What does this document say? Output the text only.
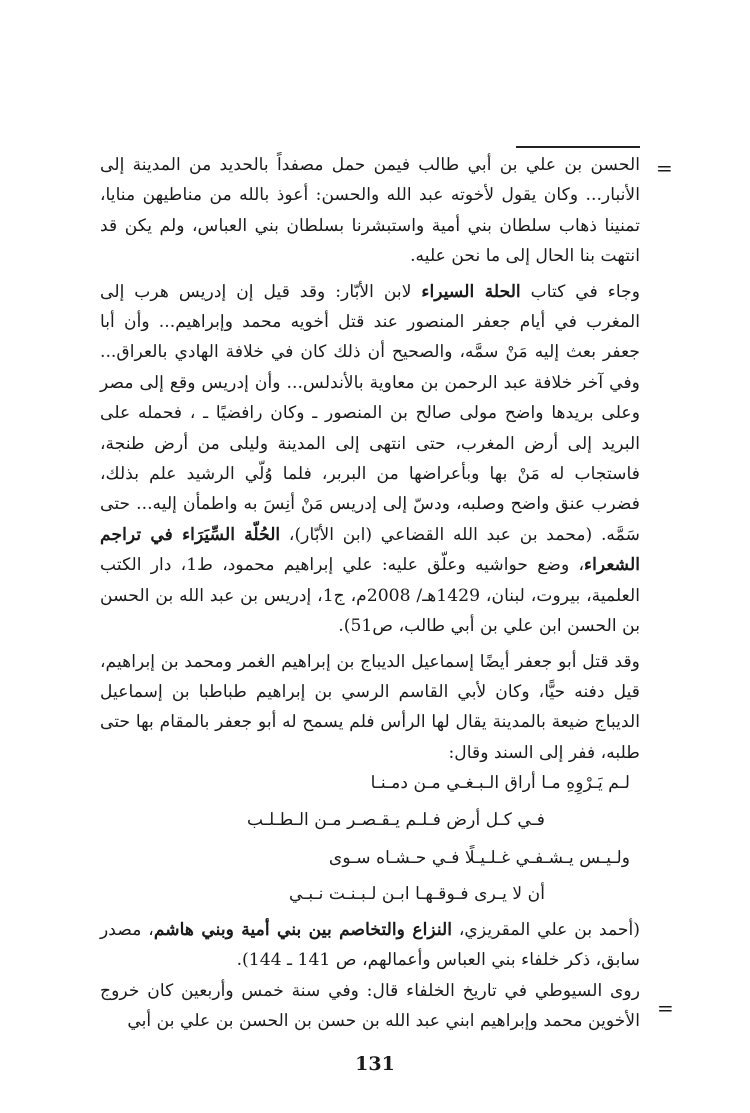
=

الحسن بن علي بن أبي طالب فيمن حمل مصفداً بالحديد من المدينة إلى الأنبار... وكان يقول لأخوته عبد الله والحسن: أعوذ بالله من مناطيهن منايا، تمنينا ذهاب سلطان بني أمية واستبشرنا بسلطان بني العباس، ولم يكن قد انتهت بنا الحال إلى ما نحن عليه.

وجاء في كتاب الحلة السيراء لابن الأبّار: وقد قيل إن إدريس هرب إلى المغرب في أيام جعفر المنصور عند قتل أخويه محمد وإبراهيم... وأن أبا جعفر بعث إليه مَنْ سمَّه، والصحيح أن ذلك كان في خلافة الهادي بالعراق... وفي آخر خلافة عبد الرحمن بن معاوية بالأندلس... وأن إدريس وقع إلى مصر وعلى بريدها واضح مولى صالح بن المنصور ـ وكان رافضيًا ـ ، فحمله على البريد إلى أرض المغرب، حتى انتهى إلى المدينة وليلى من أرض طنجة، فاستجاب له مَنْ بها وبأعراضها من البربر، فلما وُلّي الرشيد علم بذلك، فضرب عنق واضح وصلبه، ودسّ إلى إدريس مَنْ أنِسَ به واطمأن إليه... حتى سَمَّه. (محمد بن عبد الله القضاعي (ابن الأبّار)، الحُلّة السِّيَرَاء في تراجم الشعراء، وضع حواشيه وعلّق عليه: علي إبراهيم محمود، ط1، دار الكتب العلمية، بيروت، لبنان، 1429هـ/ 2008م، ج1، إدريس بن عبد الله بن الحسن بن الحسن ابن علي بن أبي طالب، ص51).

وقد قتل أبو جعفر أيضًا إسماعيل الديباج بن إبراهيم الغمر ومحمد بن إبراهيم، قيل دفنه حيًّا، وكان لأبي القاسم الرسي بن إبراهيم طباطبا بن إسماعيل الديباج ضيعة بالمدينة يقال لها الرأس فلم يسمح له أبو جعفر بالمقام بها حتى طلبه، ففر إلى السند وقال:

لـم يَـرْوِهِ مـا أراق الـبـغـي مـن دمـنـا
فـي كـل أرض فـلـم يـقـصـر مـن الـطـلـب
ولـيـس يـشـفـي غـلـيـلًا فـي حـشـاه سـوى
أن لا يـرى فـوقـهـا ابـن لـبـنـت نـبـي

(أحمد بن علي المقريزي، النزاع والتخاصم بين بني أمية وبني هاشم، مصدر سابق، ذكر خلفاء بني العباس وأعمالهم، ص 141 ـ 144).

روى السيوطي في تاريخ الخلفاء قال: وفي سنة خمس وأربعين كان خروج الأخوين محمد وإبراهيم ابني عبد الله بن حسن بن الحسن بن علي بن أبي

=
131
